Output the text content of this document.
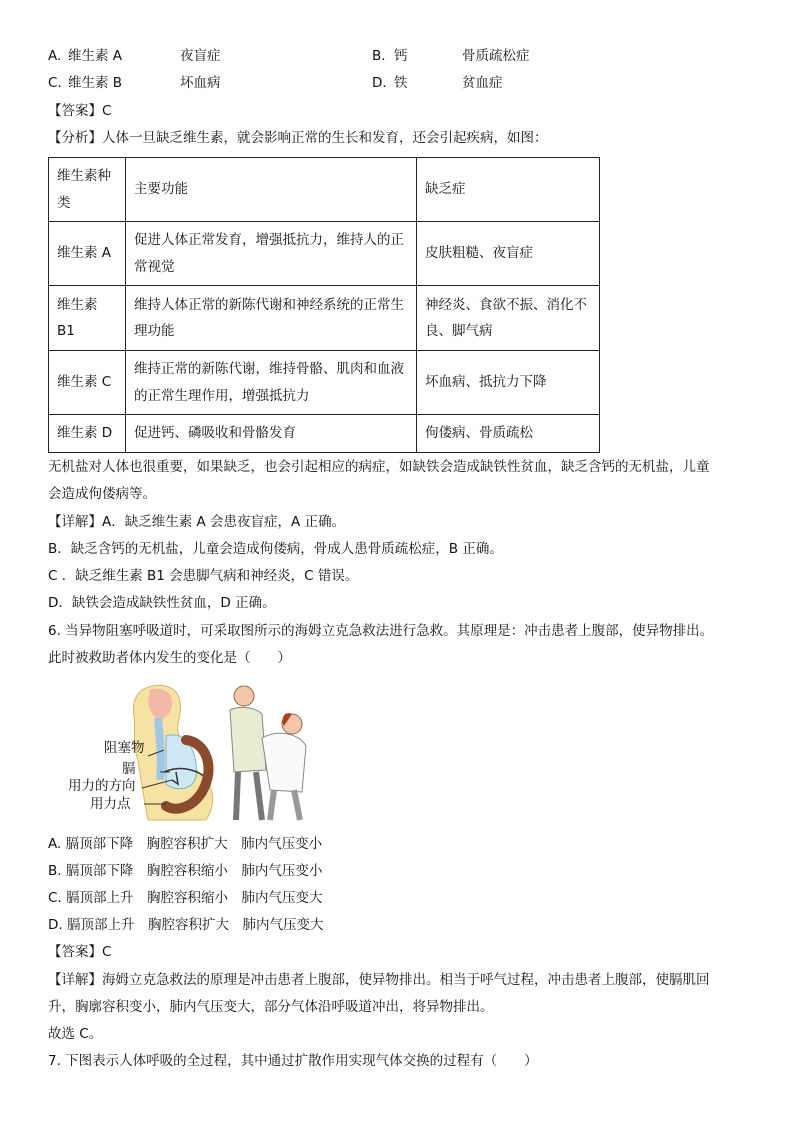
A. 维生素 A	夜盲症	B. 钙	骨质疏松症
C. 维生素 B	坏血病	D. 铁	贫血症
【答案】C
【分析】人体一旦缺乏维生素，就会影响正常的生长和发育，还会引起疾病，如图：
维生素种类	主要功能	缺乏症
维生素 A	促进人体正常发育，增强抵抗力，维持人的正常视觉	皮肤粗糙、夜盲症
维生素 B1	维持人体正常的新陈代谢和神经系统的正常生理功能	神经炎、食欲不振、消化不良、脚气病
维生素 C	维持正常的新陈代谢，维持骨骼、肌肉和血液的正常生理作用，增强抵抗力	坏血病、抵抗力下降
维生素 D	促进钙、磷吸收和骨骼发育	佝偻病、骨质疏松
无机盐对人体也很重要，如果缺乏，也会引起相应的病症，如缺铁会造成缺铁性贫血，缺乏含钙的无机盐，儿童
会造成佝偻病等。
【详解】A．缺乏维生素 A 会患夜盲症，A 正确。
B．缺乏含钙的无机盐，儿童会造成佝偻病，骨成人患骨质疏松症，B 正确。
C ．缺乏维生素 B1 会患脚气病和神经炎，C 错误。
D．缺铁会造成缺铁性贫血，D 正确。
6. 当异物阻塞呼吸道时，可采取图所示的海姆立克急救法进行急救。其原理是：冲击患者上腹部，使异物排出。
此时被救助者体内发生的变化是（　　）
阻塞物
膈
用力的方向
用力点
A. 膈顶部下降　胸腔容积扩大　肺内气压变小
B. 膈顶部下降　胸腔容积缩小　肺内气压变小
C. 膈顶部上升　胸腔容积缩小　肺内气压变大
D. 膈顶部上升　胸腔容积扩大　肺内气压变大
【答案】C
【详解】海姆立克急救法的原理是冲击患者上腹部，使异物排出。相当于呼气过程，冲击患者上腹部，使膈肌回
升，胸廓容积变小，肺内气压变大，部分气体沿呼吸道冲出，将异物排出。
故选 C。
7. 下图表示人体呼吸的全过程，其中通过扩散作用实现气体交换的过程有（　　）
